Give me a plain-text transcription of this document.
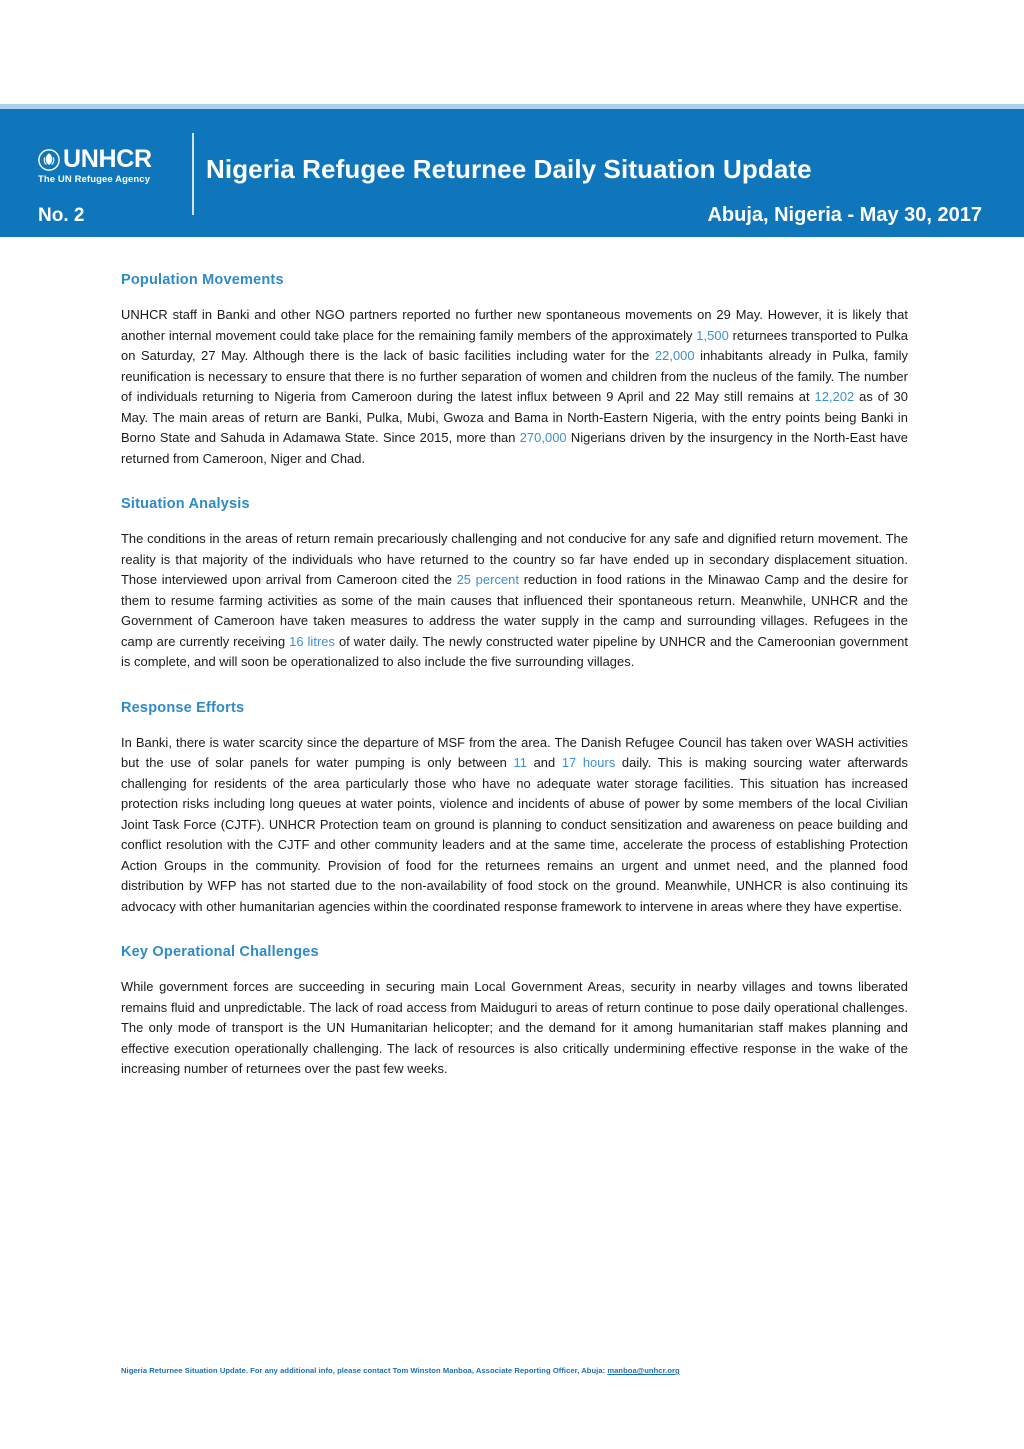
UNHCR
The UN Refugee Agency	Nigeria Refugee Returnee Daily Situation Update
No. 2	Abuja, Nigeria - May 30, 2017
Population Movements

UNHCR staff in Banki and other NGO partners reported no further new spontaneous movements on 29 May. However, it is likely that another internal movement could take place for the remaining family members of the approximately 1,500 returnees transported to Pulka on Saturday, 27 May. Although there is the lack of basic facilities including water for the 22,000 inhabitants already in Pulka, family reunification is necessary to ensure that there is no further separation of women and children from the nucleus of the family. The number of individuals returning to Nigeria from Cameroon during the latest influx between 9 April and 22 May still remains at 12,202 as of 30 May. The main areas of return are Banki, Pulka, Mubi, Gwoza and Bama in North-Eastern Nigeria, with the entry points being Banki in Borno State and Sahuda in Adamawa State. Since 2015, more than 270,000 Nigerians driven by the insurgency in the North-East have returned from Cameroon, Niger and Chad.

Situation Analysis

The conditions in the areas of return remain precariously challenging and not conducive for any safe and dignified return movement. The reality is that majority of the individuals who have returned to the country so far have ended up in secondary displacement situation. Those interviewed upon arrival from Cameroon cited the 25 percent reduction in food rations in the Minawao Camp and the desire for them to resume farming activities as some of the main causes that influenced their spontaneous return. Meanwhile, UNHCR and the Government of Cameroon have taken measures to address the water supply in the camp and surrounding villages. Refugees in the camp are currently receiving 16 litres of water daily. The newly constructed water pipeline by UNHCR and the Cameroonian government is complete, and will soon be operationalized to also include the five surrounding villages.

Response Efforts

In Banki, there is water scarcity since the departure of MSF from the area. The Danish Refugee Council has taken over WASH activities but the use of solar panels for water pumping is only between 11 and 17 hours daily. This is making sourcing water afterwards challenging for residents of the area particularly those who have no adequate water storage facilities. This situation has increased protection risks including long queues at water points, violence and incidents of abuse of power by some members of the local Civilian Joint Task Force (CJTF). UNHCR Protection team on ground is planning to conduct sensitization and awareness on peace building and conflict resolution with the CJTF and other community leaders and at the same time, accelerate the process of establishing Protection Action Groups in the community. Provision of food for the returnees remains an urgent and unmet need, and the planned food distribution by WFP has not started due to the non-availability of food stock on the ground. Meanwhile, UNHCR is also continuing its advocacy with other humanitarian agencies within the coordinated response framework to intervene in areas where they have expertise.

Key Operational Challenges

While government forces are succeeding in securing main Local Government Areas, security in nearby villages and towns liberated remains fluid and unpredictable. The lack of road access from Maiduguri to areas of return continue to pose daily operational challenges. The only mode of transport is the UN Humanitarian helicopter; and the demand for it among humanitarian staff makes planning and effective execution operationally challenging. The lack of resources is also critically undermining effective response in the wake of the increasing number of returnees over the past few weeks.

Nigeria Returnee Situation Update. For any additional info, please contact Tom Winston Manboa, Associate Reporting Officer, Abuja: manboa@unhcr.org
